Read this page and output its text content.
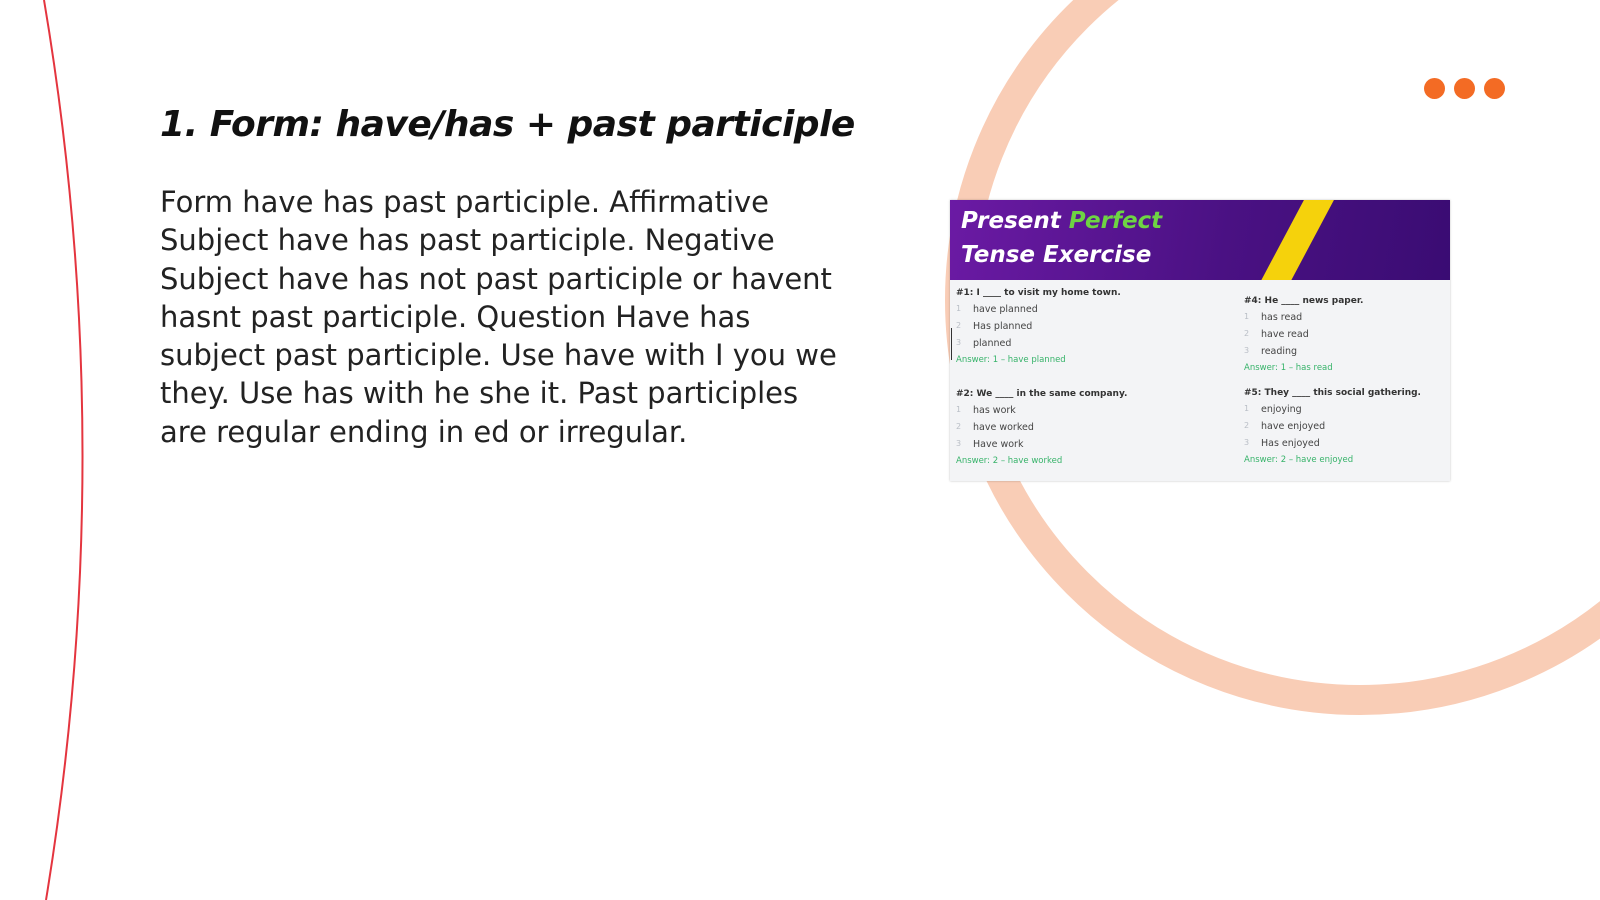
1. Form: have/has + past participle

Form have has past participle. Affirmative Subject have has past participle. Negative Subject have has not past participle or havent hasnt past participle. Question Have has subject past participle. Use have with I you we they. Use has with he she it. Past participles are regular ending in ed or irregular.

Present Perfect

Tense Exercise

#1: I ____ to visit my home town.

1 have planned

2 Has planned

3 planned

Answer: 1 – have planned

#2: We ____ in the same company.

1 has work

2 have worked

3 Have work

Answer: 2 – have worked

#4: He ____ news paper.

1 has read

2 have read

3 reading

Answer: 1 – has read

#5: They ____ this social gathering.

1 enjoying

2 have enjoyed

3 Has enjoyed

Answer: 2 – have enjoyed
